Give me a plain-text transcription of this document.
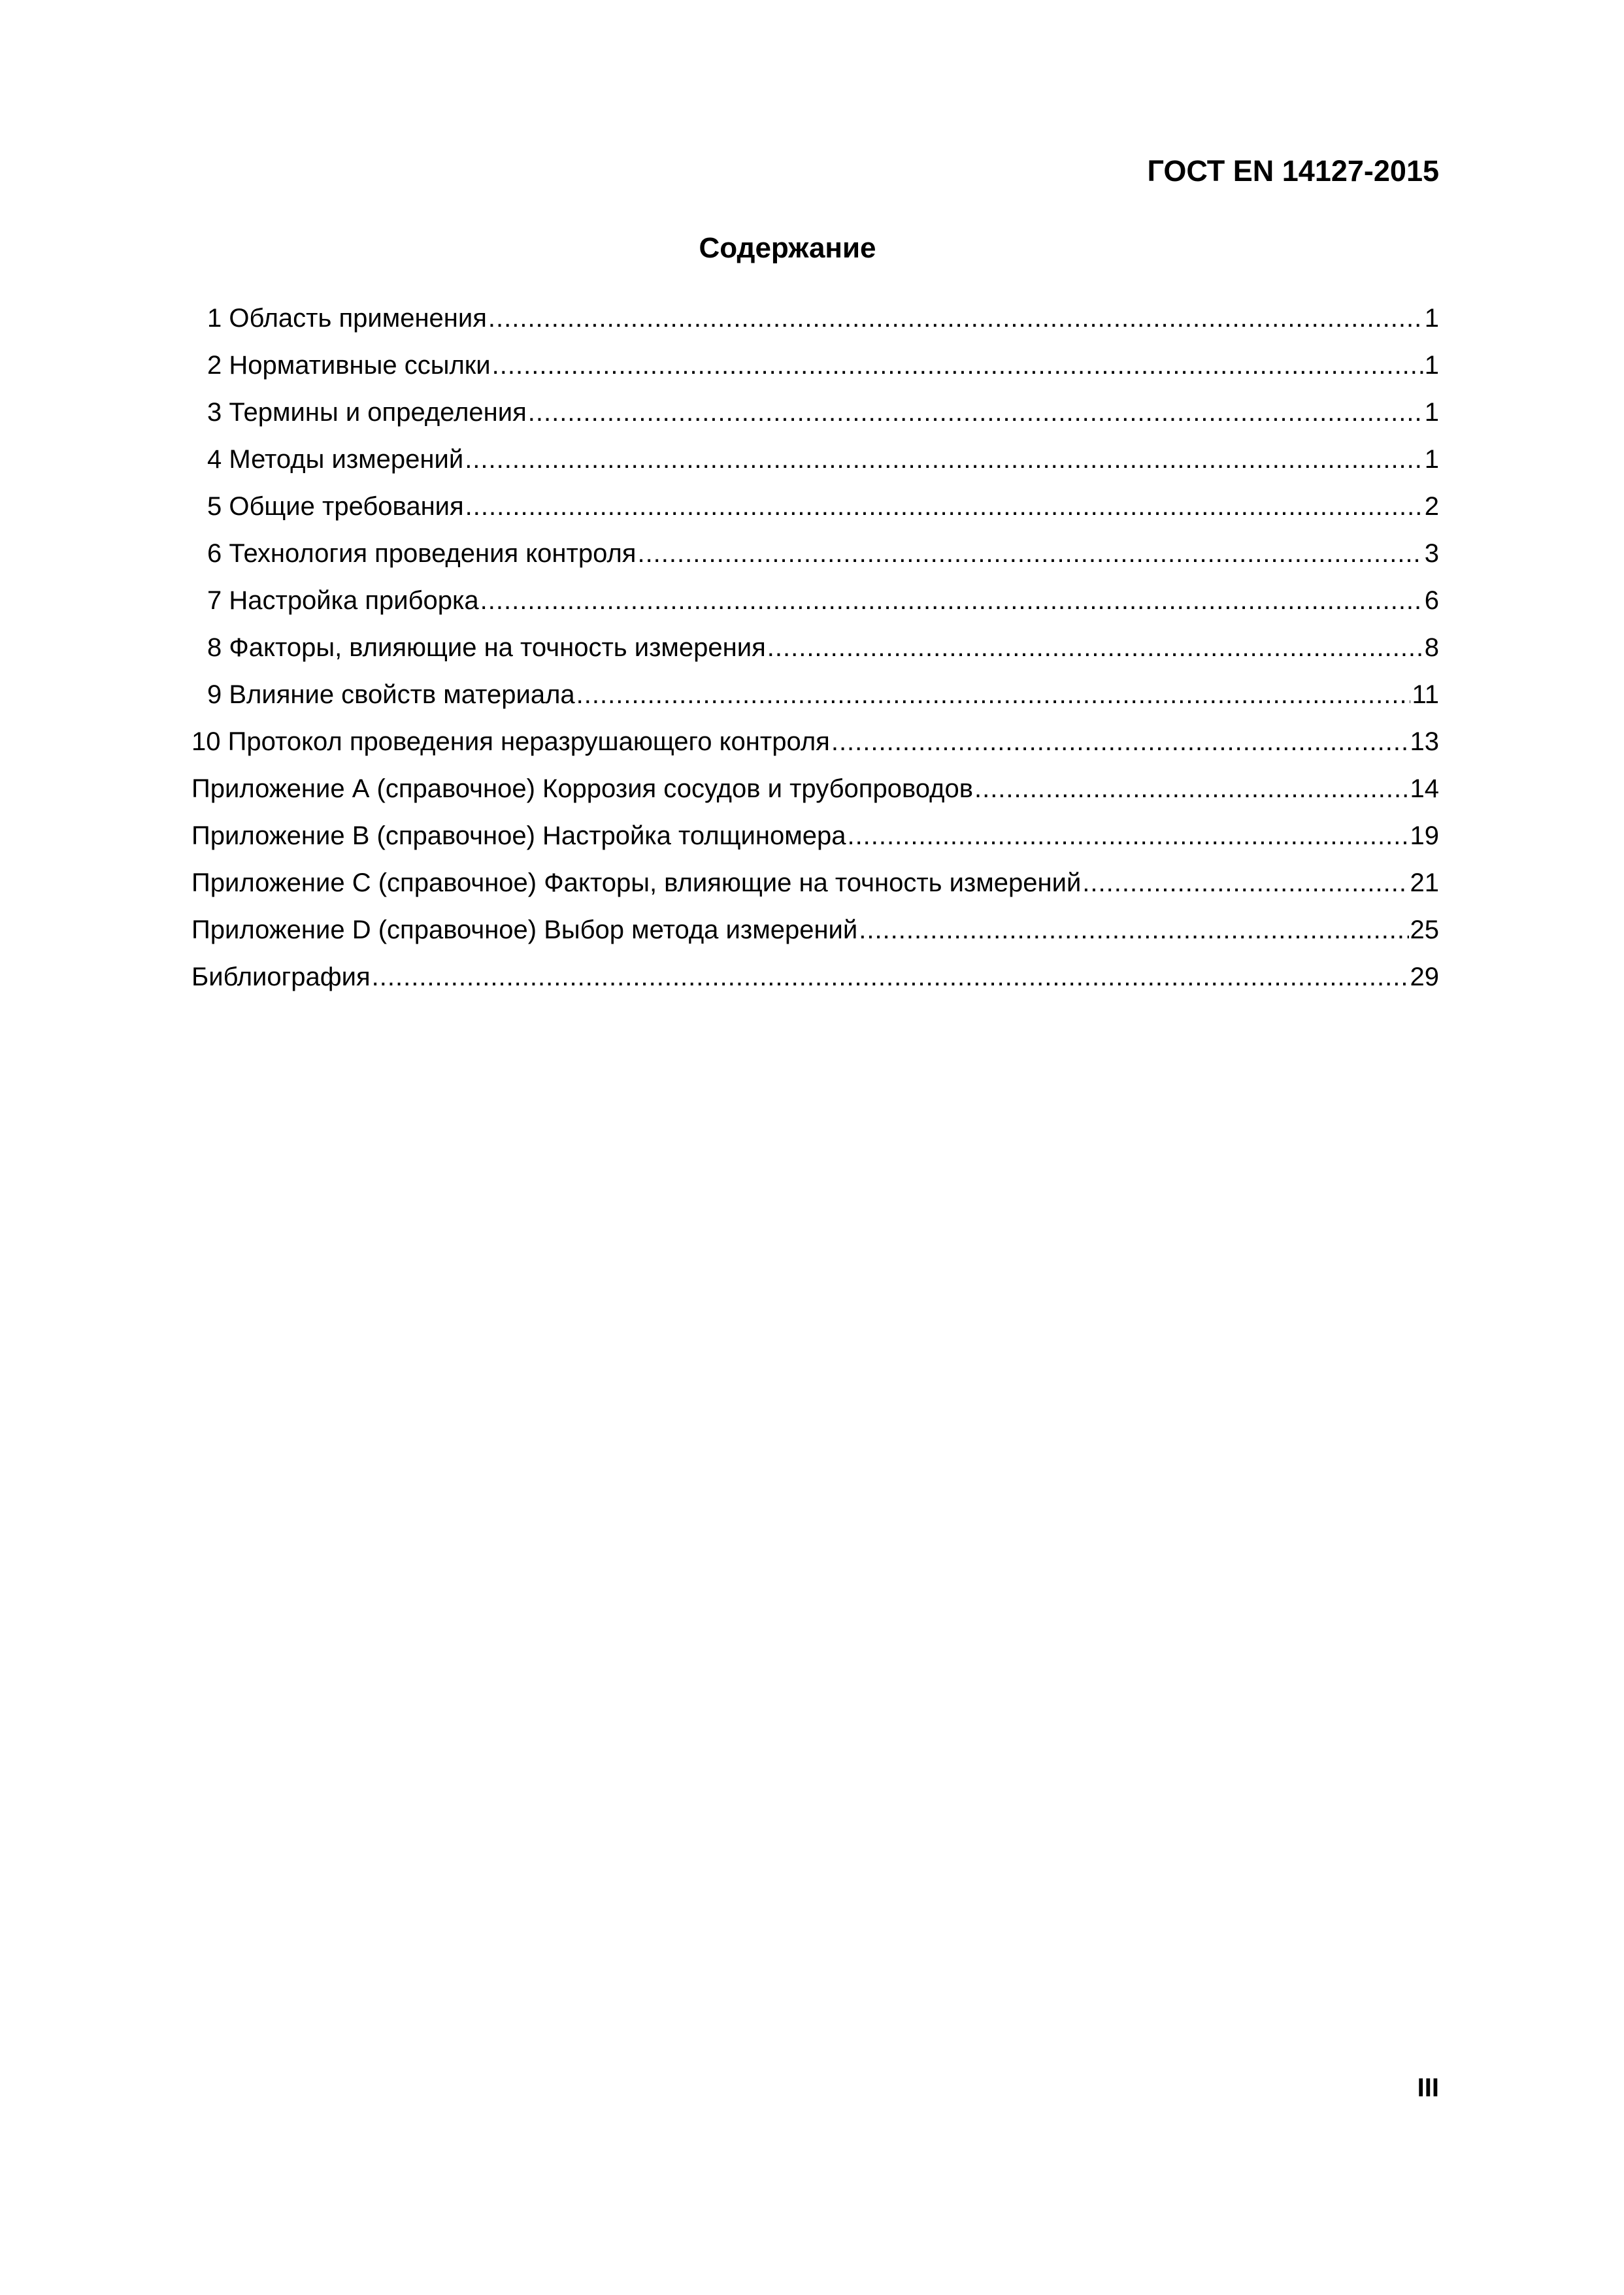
ГОСТ EN 14127-2015
Содержание
1 Область применения .....	1
2 Нормативные ссылки .....	1
3 Термины и определения .....	1
4 Методы измерений .....	1
5 Общие требования .....	2
6 Технология проведения контроля .....	3
7 Настройка приборка .....	6
8 Факторы, влияющие на точность измерения .....	8
9 Влияние свойств материала .....	11
10 Протокол проведения неразрушающего контроля .....	13
Приложение А (справочное) Коррозия сосудов и трубопроводов .....	14
Приложение В (справочное) Настройка толщиномера .....	19
Приложение С (справочное) Факторы, влияющие на точность измерений .....	21
Приложение D (справочное) Выбор метода измерений .....	25
Библиография .....	29
III
